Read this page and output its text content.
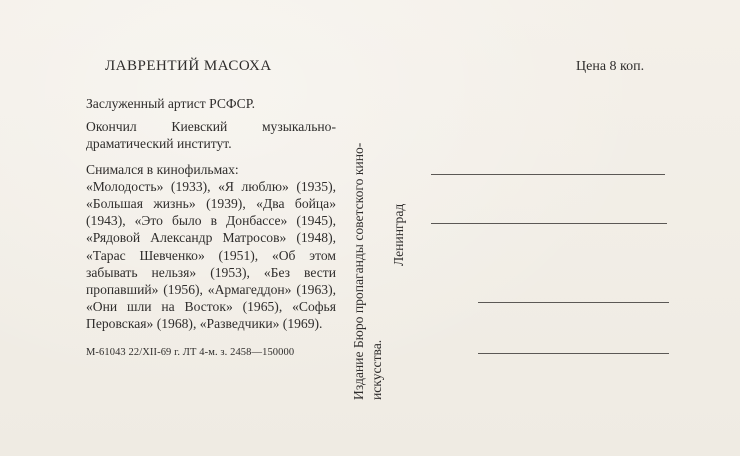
ЛАВРЕНТИЙ МАСОХА

Заслуженный артист РСФСР.

Окончил Киевский музыкально-драматический институт.

Снимался в кинофильмах:

«Молодость» (1933), «Я люблю» (1935), «Большая жизнь» (1939), «Два бойца» (1943), «Это было в Донбассе» (1945), «Рядовой Александр Матросов» (1948), «Тарас Шевченко» (1951), «Об этом забывать нельзя» (1953), «Без вести пропавший» (1956), «Армагеддон» (1963), «Они шли на Восток» (1965), «Софья Перовская» (1968), «Разведчики» (1969).

М-61043 22/XII-69 г. ЛТ 4-м. з. 2458—150000	Издание Бюро пропаганды советского кино- искусства.
Ленинград
Цена 8 коп.
